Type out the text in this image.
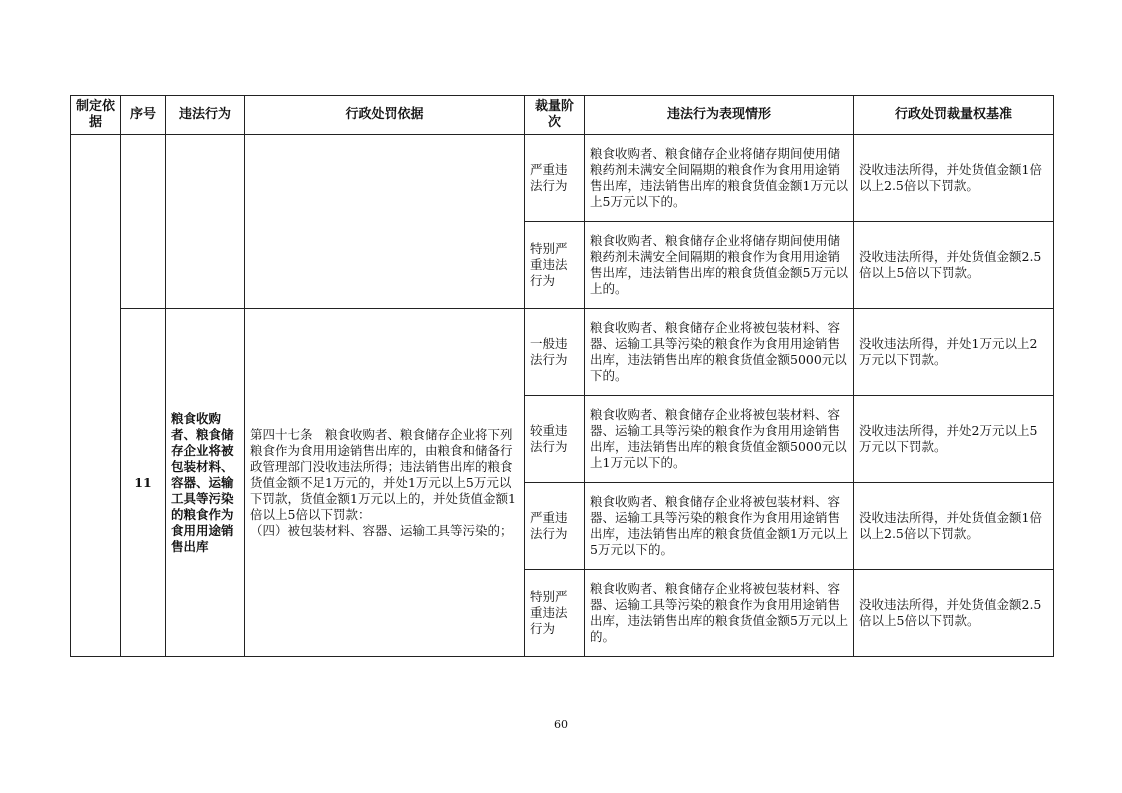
制定依据	序号	违法行为	行政处罚依据	裁量阶次	违法行为表现情形	行政处罚裁量权基准

				严重违法行为	粮食收购者、粮食储存企业将储存期间使用储粮药剂未满安全间隔期的粮食作为食用用途销售出库，违法销售出库的粮食货值金额1万元以上5万元以下的。	没收违法所得，并处货值金额1倍以上2.5倍以下罚款。

				特别严重违法行为	粮食收购者、粮食储存企业将储存期间使用储粮药剂未满安全间隔期的粮食作为食用用途销售出库，违法销售出库的粮食货值金额5万元以上的。	没收违法所得，并处货值金额2.5倍以上5倍以下罚款。
	11	粮食收购者、粮食储存企业将被包装材料、容器、运输工具等污染的粮食作为食用用途销售出库	第四十七条　粮食收购者、粮食储存企业将下列粮食作为食用用途销售出库的，由粮食和储备行政管理部门没收违法所得；违法销售出库的粮食货值金额不足1万元的，并处1万元以上5万元以下罚款，货值金额1万元以上的，并处货值金额1倍以上5倍以下罚款：
（四）被包装材料、容器、运输工具等污染的；	一般违法行为	粮食收购者、粮食储存企业将被包装材料、容器、运输工具等污染的粮食作为食用用途销售出库，违法销售出库的粮食货值金额5000元以下的。	没收违法所得，并处1万元以上2万元以下罚款。

				较重违法行为	粮食收购者、粮食储存企业将被包装材料、容器、运输工具等污染的粮食作为食用用途销售出库，违法销售出库的粮食货值金额5000元以上1万元以下的。	没收违法所得，并处2万元以上5万元以下罚款。

				严重违法行为	粮食收购者、粮食储存企业将被包装材料、容器、运输工具等污染的粮食作为食用用途销售出库，违法销售出库的粮食货值金额1万元以上5万元以下的。	没收违法所得，并处货值金额1倍以上2.5倍以下罚款。

				特别严重违法行为	粮食收购者、粮食储存企业将被包装材料、容器、运输工具等污染的粮食作为食用用途销售出库，违法销售出库的粮食货值金额5万元以上的。	没收违法所得，并处货值金额2.5倍以上5倍以下罚款。
60
